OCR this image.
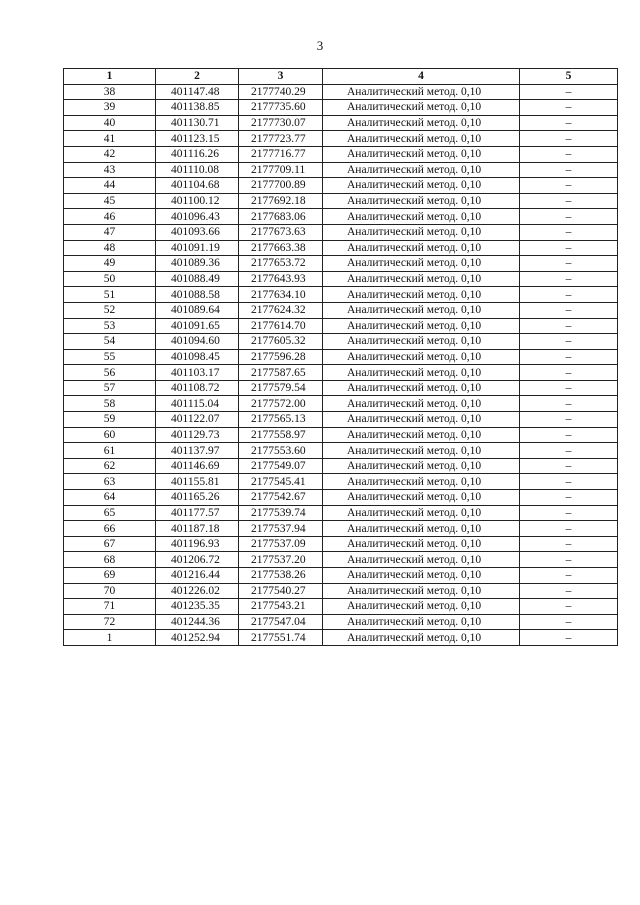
3
1	2	3	4	5
38	401147.48	2177740.29	Аналитический метод. 0,10	–
39	401138.85	2177735.60	Аналитический метод. 0,10	–
40	401130.71	2177730.07	Аналитический метод. 0,10	–
41	401123.15	2177723.77	Аналитический метод. 0,10	–
42	401116.26	2177716.77	Аналитический метод. 0,10	–
43	401110.08	2177709.11	Аналитический метод. 0,10	–
44	401104.68	2177700.89	Аналитический метод. 0,10	–
45	401100.12	2177692.18	Аналитический метод. 0,10	–
46	401096.43	2177683.06	Аналитический метод. 0,10	–
47	401093.66	2177673.63	Аналитический метод. 0,10	–
48	401091.19	2177663.38	Аналитический метод. 0,10	–
49	401089.36	2177653.72	Аналитический метод. 0,10	–
50	401088.49	2177643.93	Аналитический метод. 0,10	–
51	401088.58	2177634.10	Аналитический метод. 0,10	–
52	401089.64	2177624.32	Аналитический метод. 0,10	–
53	401091.65	2177614.70	Аналитический метод. 0,10	–
54	401094.60	2177605.32	Аналитический метод. 0,10	–
55	401098.45	2177596.28	Аналитический метод. 0,10	–
56	401103.17	2177587.65	Аналитический метод. 0,10	–
57	401108.72	2177579.54	Аналитический метод. 0,10	–
58	401115.04	2177572.00	Аналитический метод. 0,10	–
59	401122.07	2177565.13	Аналитический метод. 0,10	–
60	401129.73	2177558.97	Аналитический метод. 0,10	–
61	401137.97	2177553.60	Аналитический метод. 0,10	–
62	401146.69	2177549.07	Аналитический метод. 0,10	–
63	401155.81	2177545.41	Аналитический метод. 0,10	–
64	401165.26	2177542.67	Аналитический метод. 0,10	–
65	401177.57	2177539.74	Аналитический метод. 0,10	–
66	401187.18	2177537.94	Аналитический метод. 0,10	–
67	401196.93	2177537.09	Аналитический метод. 0,10	–
68	401206.72	2177537.20	Аналитический метод. 0,10	–
69	401216.44	2177538.26	Аналитический метод. 0,10	–
70	401226.02	2177540.27	Аналитический метод. 0,10	–
71	401235.35	2177543.21	Аналитический метод. 0,10	–
72	401244.36	2177547.04	Аналитический метод. 0,10	–
1	401252.94	2177551.74	Аналитический метод. 0,10	–
